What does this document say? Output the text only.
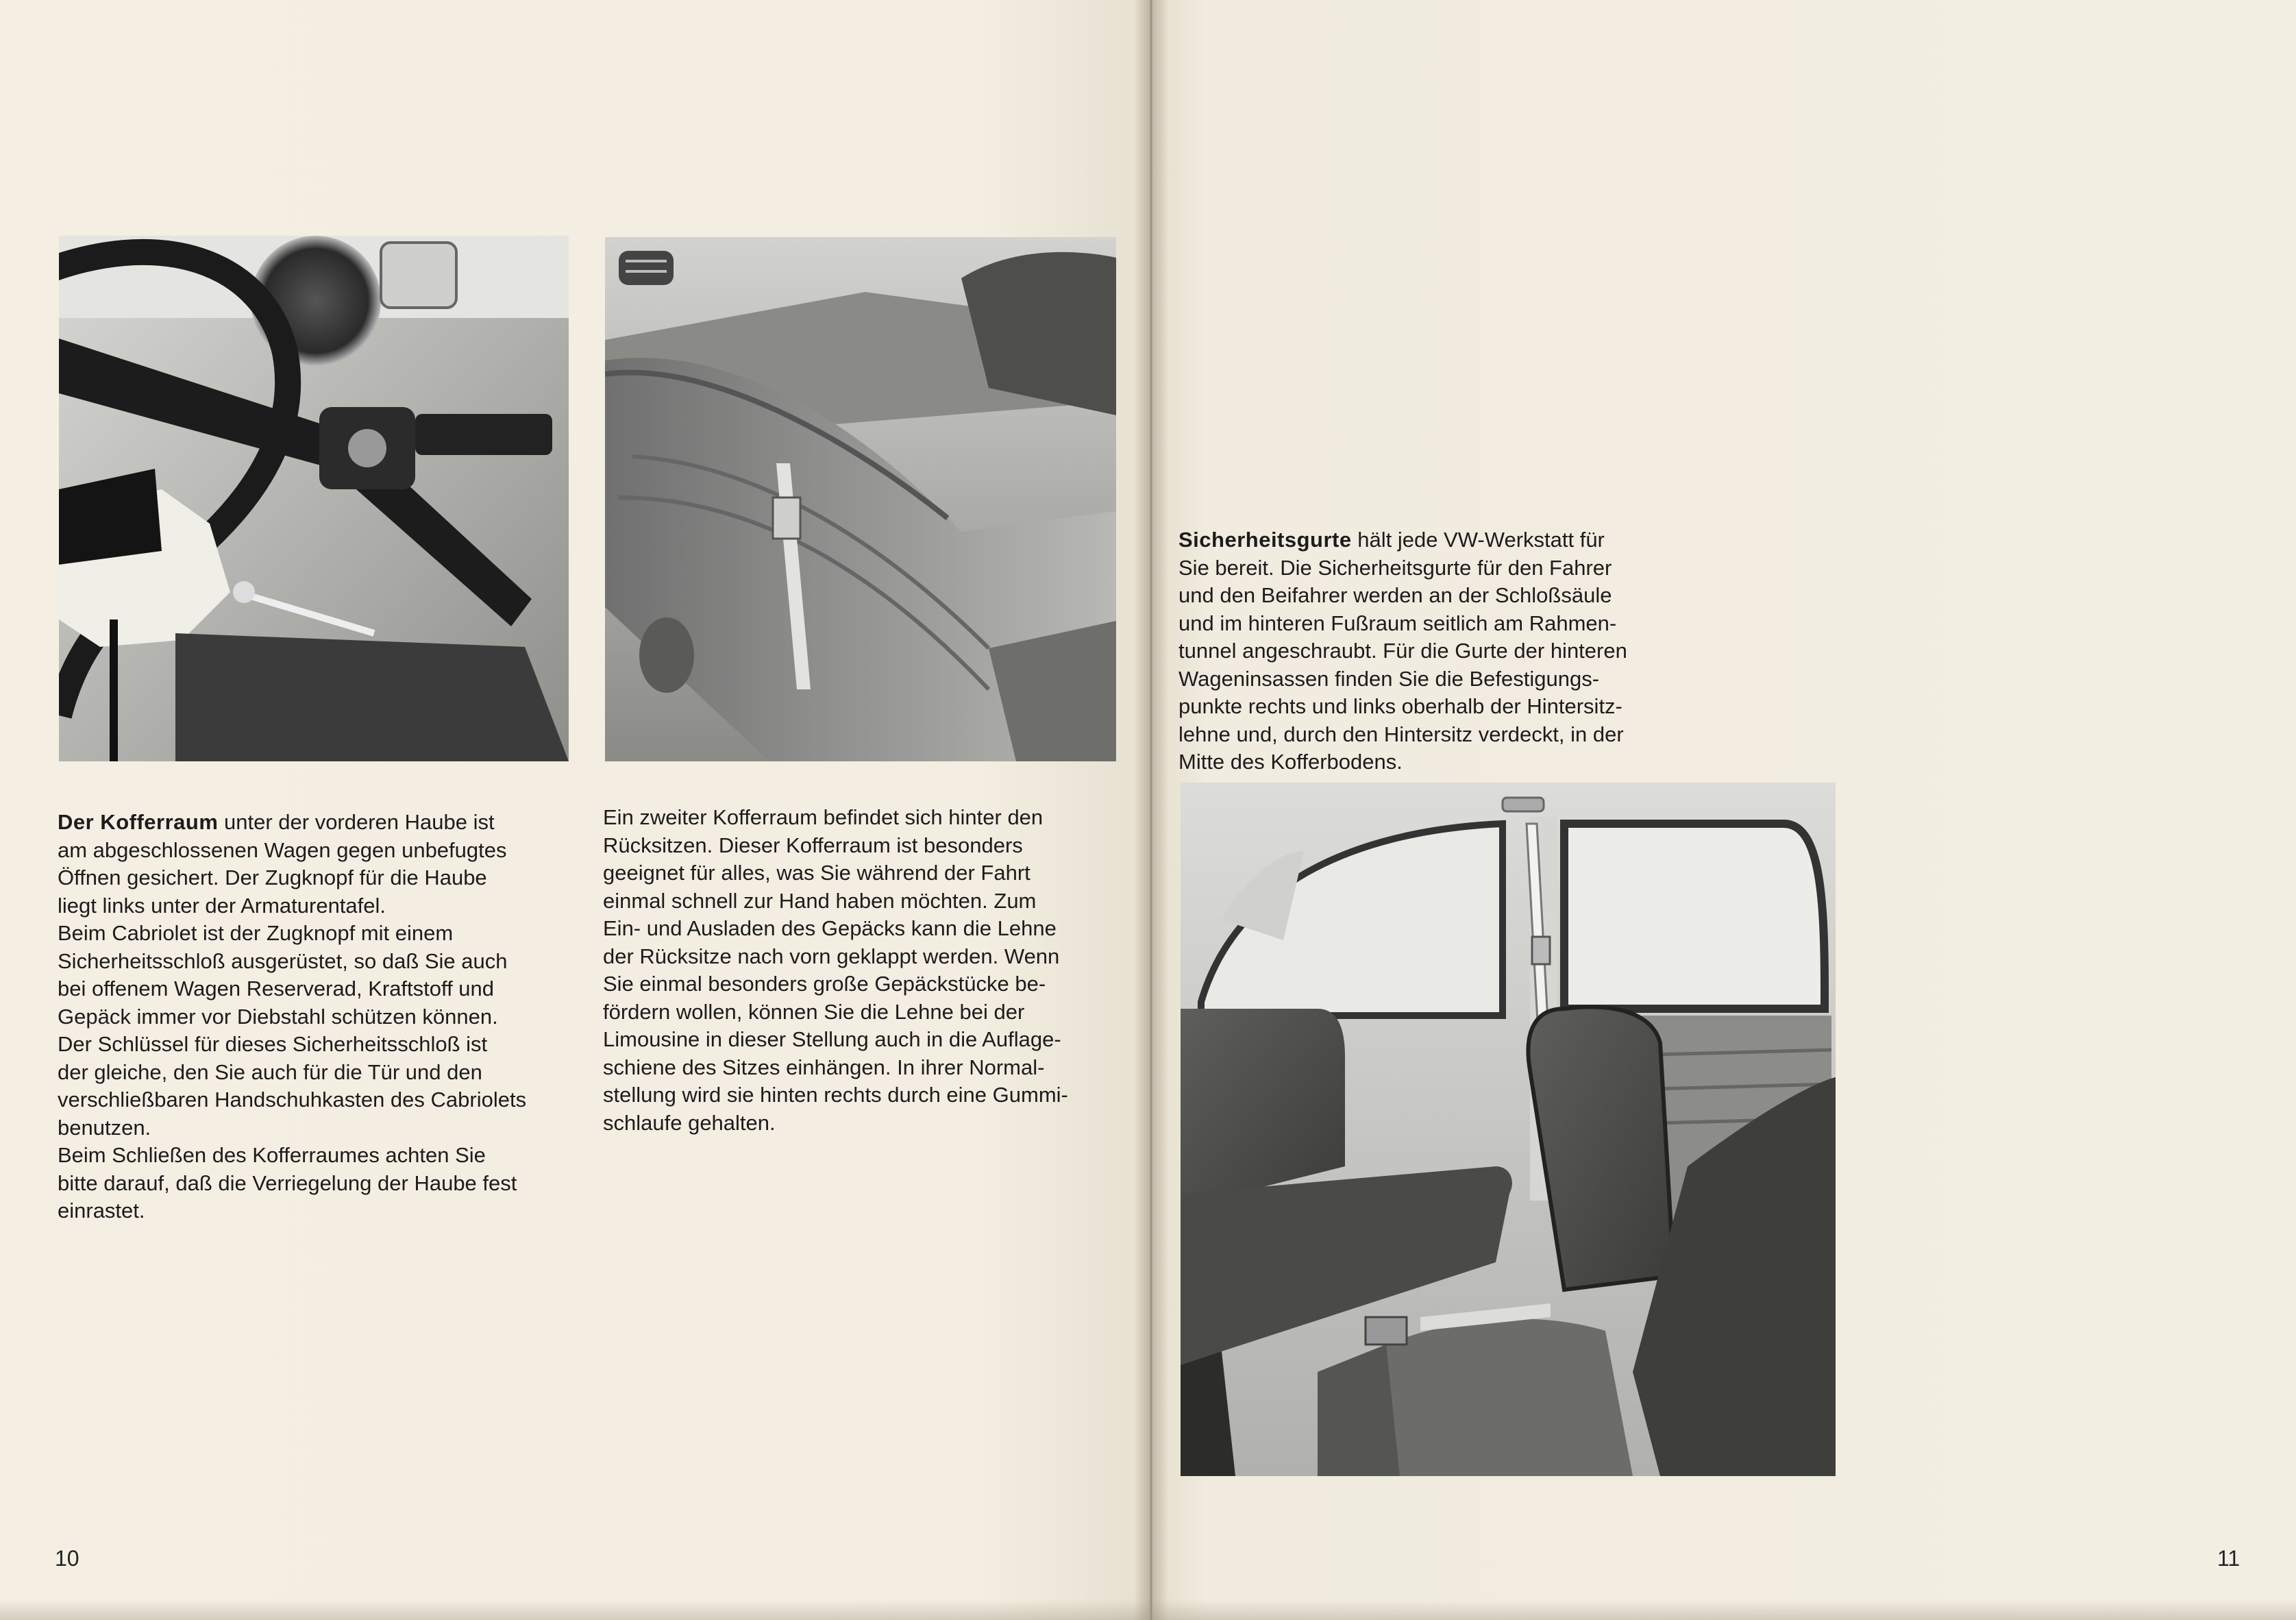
Der Kofferraum unter der vorderen Haube ist

am abgeschlossenen Wagen gegen unbefugtes

Öffnen gesichert. Der Zugknopf für die Haube

liegt links unter der Armaturentafel.

Beim Cabriolet ist der Zugknopf mit einem

Sicherheitsschloß ausgerüstet, so daß Sie auch

bei offenem Wagen Reserverad, Kraftstoff und

Gepäck immer vor Diebstahl schützen können.

Der Schlüssel für dieses Sicherheitsschloß ist

der gleiche, den Sie auch für die Tür und den

verschließbaren Handschuhkasten des Cabriolets

benutzen.

Beim Schließen des Kofferraumes achten Sie

bitte darauf, daß die Verriegelung der Haube fest

einrastet.

Ein zweiter Kofferraum befindet sich hinter den

Rücksitzen. Dieser Kofferraum ist besonders

geeignet für alles, was Sie während der Fahrt

einmal schnell zur Hand haben möchten. Zum

Ein- und Ausladen des Gepäcks kann die Lehne

der Rücksitze nach vorn geklappt werden. Wenn

Sie einmal besonders große Gepäckstücke be-

fördern wollen, können Sie die Lehne bei der

Limousine in dieser Stellung auch in die Auflage-

schiene des Sitzes einhängen. In ihrer Normal-

stellung wird sie hinten rechts durch eine Gummi-

schlaufe gehalten.

10

Sicherheitsgurte hält jede VW-Werkstatt für

Sie bereit. Die Sicherheitsgurte für den Fahrer

und den Beifahrer werden an der Schloßsäule

und im hinteren Fußraum seitlich am Rahmen-

tunnel angeschraubt. Für die Gurte der hinteren

Wageninsassen finden Sie die Befestigungs-

punkte rechts und links oberhalb der Hintersitz-

lehne und, durch den Hintersitz verdeckt, in der

Mitte des Kofferbodens.

11
